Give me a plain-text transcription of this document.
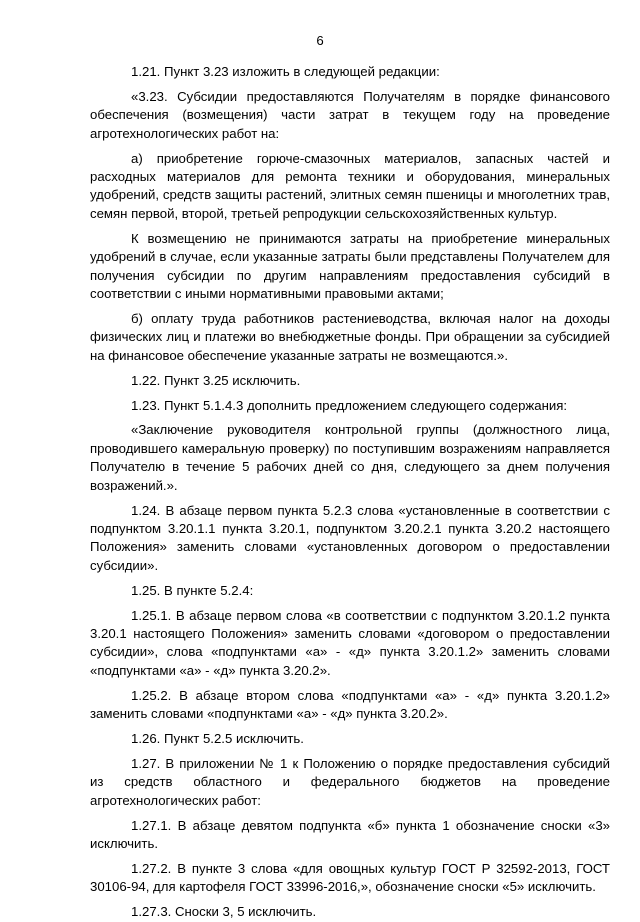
6

1.21. Пункт 3.23 изложить в следующей редакции:

«3.23. Субсидии предоставляются Получателям в порядке финансового обеспечения (возмещения) части затрат в текущем году на проведение агротехнологических работ на:

а) приобретение горюче-смазочных материалов, запасных частей и расходных материалов для ремонта техники и оборудования, минеральных удобрений, средств защиты растений, элитных семян пшеницы и многолетних трав, семян первой, второй, третьей репродукции сельскохозяйственных культур.

К возмещению не принимаются затраты на приобретение минеральных удобрений в случае, если указанные затраты были представлены Получателем для получения субсидии по другим направлениям предоставления субсидий в соответствии с иными нормативными правовыми актами;

б) оплату труда работников растениеводства, включая налог на доходы физических лиц и платежи во внебюджетные фонды. При обращении за субсидией на финансовое обеспечение указанные затраты не возмещаются.».

1.22. Пункт 3.25 исключить.

1.23. Пункт 5.1.4.3 дополнить предложением следующего содержания:

«Заключение руководителя контрольной группы (должностного лица, проводившего камеральную проверку) по поступившим возражениям направляется Получателю в течение 5 рабочих дней со дня, следующего за днем получения возражений.».

1.24. В абзаце первом пункта 5.2.3 слова «установленные в соответствии с подпунктом 3.20.1.1 пункта 3.20.1, подпунктом 3.20.2.1 пункта 3.20.2 настоящего Положения» заменить словами «установленных договором о предоставлении субсидии».

1.25. В пункте 5.2.4:

1.25.1. В абзаце первом слова «в соответствии с подпунктом 3.20.1.2 пункта 3.20.1 настоящего Положения» заменить словами «договором о предоставлении субсидии», слова «подпунктами «а» - «д» пункта 3.20.1.2» заменить словами «подпунктами «а» - «д» пункта 3.20.2».

1.25.2. В абзаце втором слова «подпунктами «а» - «д» пункта 3.20.1.2» заменить словами «подпунктами «а» - «д» пункта 3.20.2».

1.26. Пункт 5.2.5 исключить.

1.27. В приложении № 1 к Положению о порядке предоставления субсидий из средств областного и федерального бюджетов на проведение агротехнологических работ:

1.27.1. В абзаце девятом подпункта «б» пункта 1 обозначение сноски «3» исключить.

1.27.2. В пункте 3 слова «для овощных культур ГОСТ Р 32592-2013, ГОСТ 30106-94, для картофеля ГОСТ 33996-2016,», обозначение сноски «5» исключить.

1.27.3. Сноски 3, 5 исключить.
